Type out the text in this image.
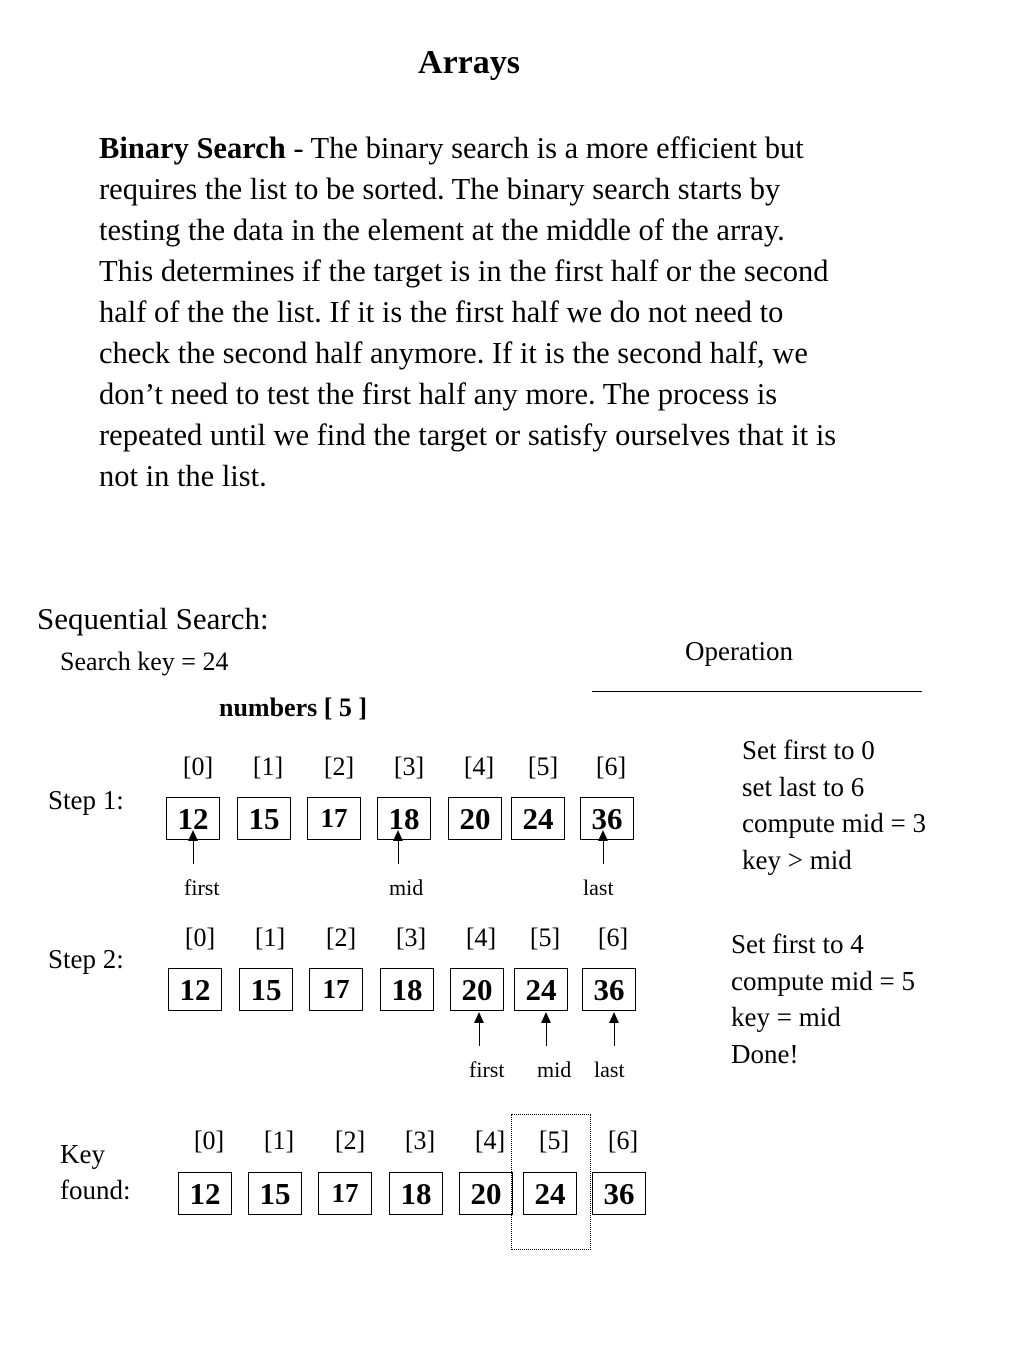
Arrays
Binary Search - The binary search is a more efficient but
requires the list to be sorted. The binary search starts by
testing the data in the element at the middle of the array.
This determines if the target is in the first half or the second
half of the the list. If it is the first half we do not need to
check the second half anymore. If it is the second half, we
don’t need to test the first half any more. The process is
repeated until we find the target or satisfy ourselves that it is
not in the list.
Sequential Search:
Search key = 24	Operation
numbers [ 5 ]
Step 1:
[0]	[1]	[2]	[3]	[4]	[5]	[6]
12	15	17	18	20	24	36
first	mid	last
Set first to 0
set last to 6
compute mid = 3
key > mid
Step 2:
[0]	[1]	[2]	[3]	[4]	[5]	[6]
12	15	17	18	20	24	36
first mid last
Set first to 4
compute mid = 5
key = mid
Done!
Key
found:
[0]	[1]	[2]	[3]	[4]	[5]	[6]
12	15	17	18	20	24	36
